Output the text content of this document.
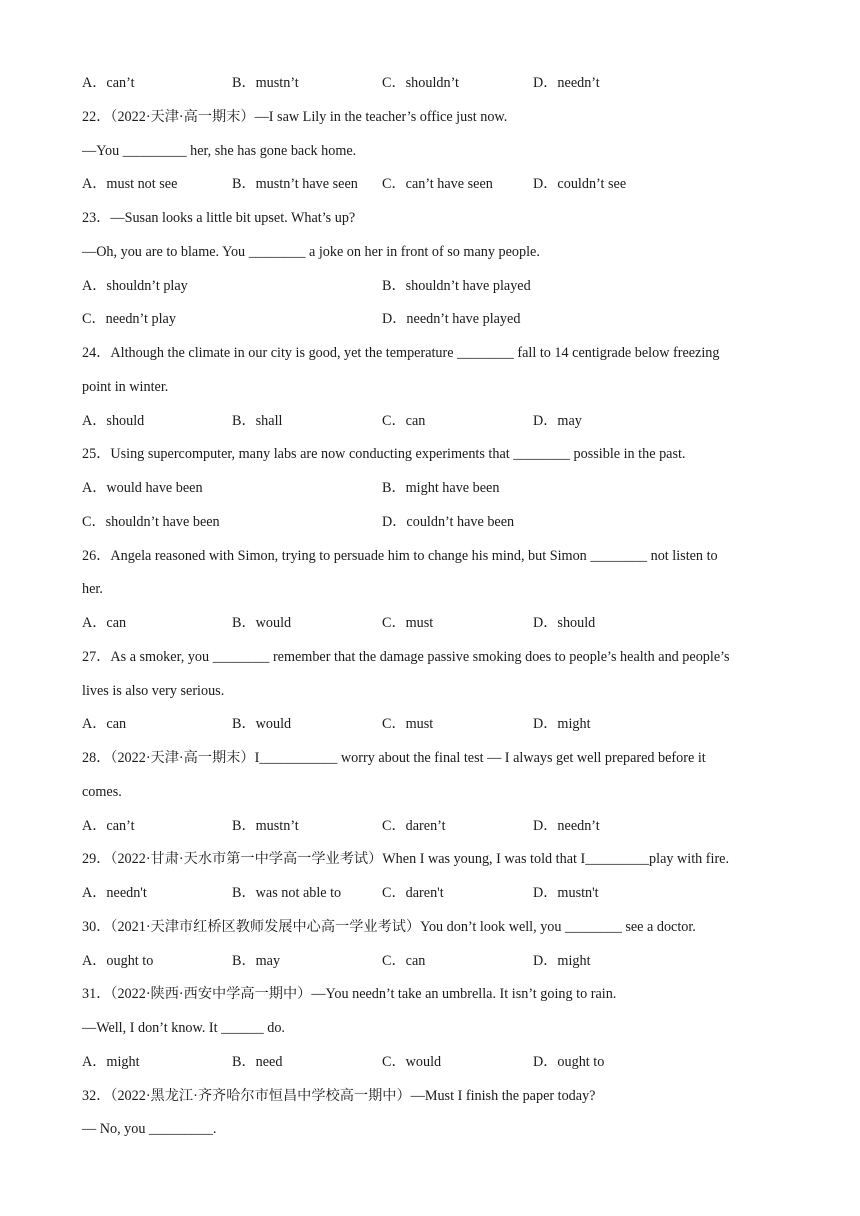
A．can’t	B．mustn’t	C．shouldn’t	D．needn’t
22．（2022·天津·高一期末）—I saw Lily in the teacher’s office just now.
—You _________ her, she has gone back home.
A．must not see	B．mustn’t have seen C．can’t have seen	D．couldn’t see
23．—Susan looks a little bit upset. What’s up?
—Oh, you are to blame. You ________ a joke on her in front of so many people.
A．shouldn’t play	B．shouldn’t have played
C．needn’t play	D．needn’t have played
24．Although the climate in our city is good, yet the temperature ________ fall to 14 centigrade below freezing
point in winter.
A．should	B．shall	C．can	D．may
25．Using supercomputer, many labs are now conducting experiments that ________ possible in the past.
A．would have been	B．might have been
C．shouldn’t have been	D．couldn’t have been
26．Angela reasoned with Simon, trying to persuade him to change his mind, but Simon ________ not listen to
her.
A．can	B．would	C．must	D．should
27．As a smoker, you ________ remember that the damage passive smoking does to people’s health and people’s
lives is also very serious.
A．can	B．would	C．must	D．might
28．（2022·天津·高一期末）I___________ worry about the final test — I always get well prepared before it
comes.
A．can’t	B．mustn’t	C．daren’t	D．needn’t
29．（2022·甘肃·天水市第一中学高一学业考试）When I was young, I was told that I_________play with fire.
A．needn't	B．was not able to	C．daren't	D．mustn't
30．（2021·天津市红桥区教师发展中心高一学业考试）You don’t look well, you ________ see a doctor.
A．ought to	B．may	C．can	D．might
31．（2022·陕西·西安中学高一期中）—You needn’t take an umbrella. It isn’t going to rain.
—Well, I don’t know. It ______ do.
A．might	B．need	C．would	D．ought to
32．（2022·黑龙江·齐齐哈尔市恒昌中学校高一期中）—Must I finish the paper today?
— No, you _________.
